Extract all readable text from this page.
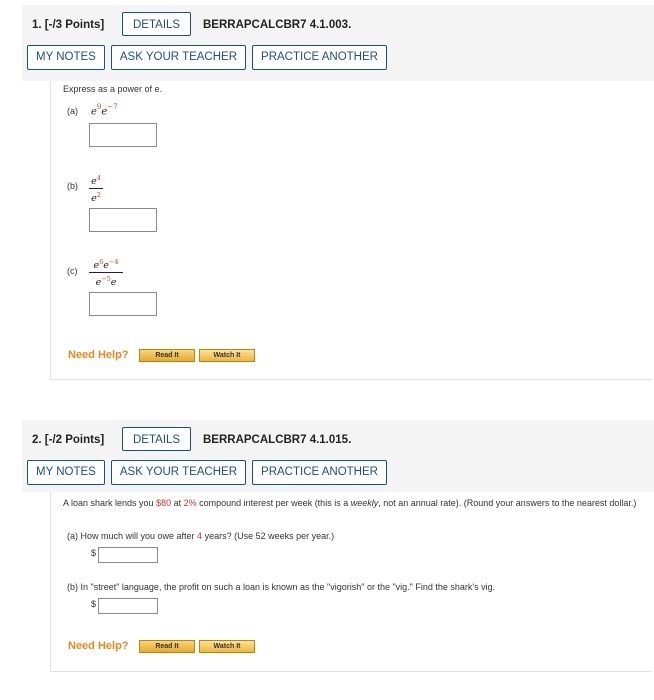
1. [-/3 Points]	DETAILS	BERRAPCALCBR7 4.1.003.
MY NOTES	ASK YOUR TEACHER	PRACTICE ANOTHER
Express as a power of e.
(a) $e^9e^{-7}$
(b) $e^4$
$e^2$
(c)	$e^6e^{-4}$
$e^{-5}e$
Need Help?	Read It	Watch It
2. [-/2 Points]	DETAILS	BERRAPCALCBR7 4.1.015.
MY NOTES	ASK YOUR TEACHER	PRACTICE ANOTHER
A loan shark lends you $80 at 2% compound interest per week (this is a weekly, not an annual rate). (Round your answers to the nearest dollar.)
(a) How much will you owe after 4 years? (Use 52 weeks per year.)
$
(b) In "street" language, the profit on such a loan is known as the "vigorish" or the "vig." Find the shark's vig.
$
Need Help?	Read It	Watch It
